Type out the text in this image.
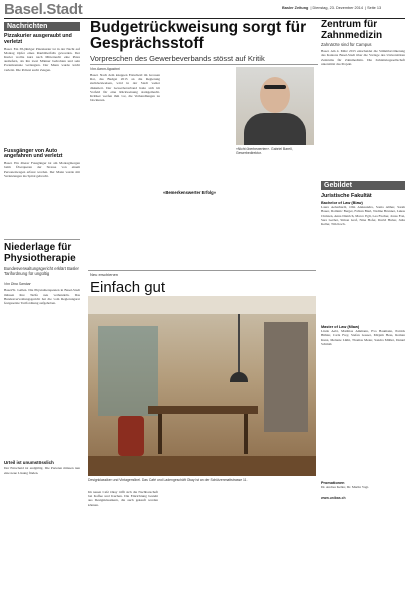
Basel.Stadt	Basler Zeitung  | Dienstag, 23. Dezember 2014  | Seite 13
Nachrichten
Pizzakurier ausgeraubt und verletzt
Basel. Ein 38-jähriger Pizzakurier ist in der Nacht auf Montag Opfer eines Raubüberfalls geworden. Der Kurier wollte kurz nach Mitternacht eine Pizza ausliefern, als ihn zwei Männer bedrohten und sein Portemonnaie verlangten. Der Mann wurde leicht verletzt. Die Polizei sucht Zeugen.
Fussgänger von Auto angefahren und verletzt
Basel. Ein älterer Fussgänger ist am Montagmorgen beim Überqueren der Strasse von einem Personenwagen erfasst worden. Der Mann wurde mit Verletzungen ins Spital gebracht.
Niederlage für Physiotherapie
Bundesverwaltungsgericht erklärt Basler Tarifordnung für ungültig
Von Dina Sambar
Basel/St. Gallen. Die Physiotherapeuten in Basel-Stadt müssen ihre Tarife neu verhandeln. Das Bundesverwaltungsgericht hat die vom Regierungsrat festgesetzte Tarifordnung aufgehoben.
Urteil ist unumstösslich
Der Entscheid ist endgültig. Die Parteien müssen nun eine neue Lösung finden.
Budgetrückweisung sorgt für Gesprächsstoff
Vorpreschen des Gewerbeverbands stösst auf Kritik
Von Aaron Agustoni
Basel. Nach dem knappen Entscheid im Grossen Rat, das Budget 2015 an die Regierung zurückzuweisen, wird in der Stadt weiter diskutiert. Der Gewerbeverband hatte sich im Vorfeld für eine Rückweisung starkgemacht. Kritiker werfen ihm vor, die Verhandlungen zu blockieren.
«Bemerkenswerter Erfolg»
«Nicht überbewerten». Gabriel Barell, Gewerbedirektor.
Neu erschienen
Einfach gut
Designklassiker und Vintagemöbel. Das Café und Ladengeschäft Okay ist an der Schützenmattstrasse 11.
Im neuen Café Okay trifft sich die Nachbarschaft bei Kaffee und Kuchen. Die Einrichtung besteht aus Designklassikern, die auch gekauft werden können.
Zentrum für Zahnmedizin
Zahnärzte sind für Campus
Basel. Am 4. März 2015 entscheidet die Stimmbevölkerung des Kantons Basel-Stadt über die Vorlage des Universitären Zentrums für Zahnmedizin. Die Zahnärztegesellschaft unterstützt das Projekt.
Gebildet
Juristische Fakultät
Bachelor of Law (Blaw)
Laura Aeberhardt, Olin Aleksandra, Sonia Alther, Sarah Bauer, Dominic Berger, Fabian Bieri, Nadine Brunner, Lukas Christen, Anna Dietrich, Marco Egli, Lea Fischer, Jonas Frei, Sara Gerber, Simon Graf, Nina Hofer, David Huber, Julia Keller, Tim Koch.
Master of Law (Mlaw)
Linda Aebi, Matthias Ammann, Eva Baumann, Patrick Bühler, Carla Frey, Stefan Gasser, Mirjam Hess, Roman Kunz, Melanie Lüthi, Thomas Meier, Sandra Müller, Daniel Schmid.
Promotionen
Dr. Andrea Keller, Dr. Martin Vogt.
www.unibas.ch
